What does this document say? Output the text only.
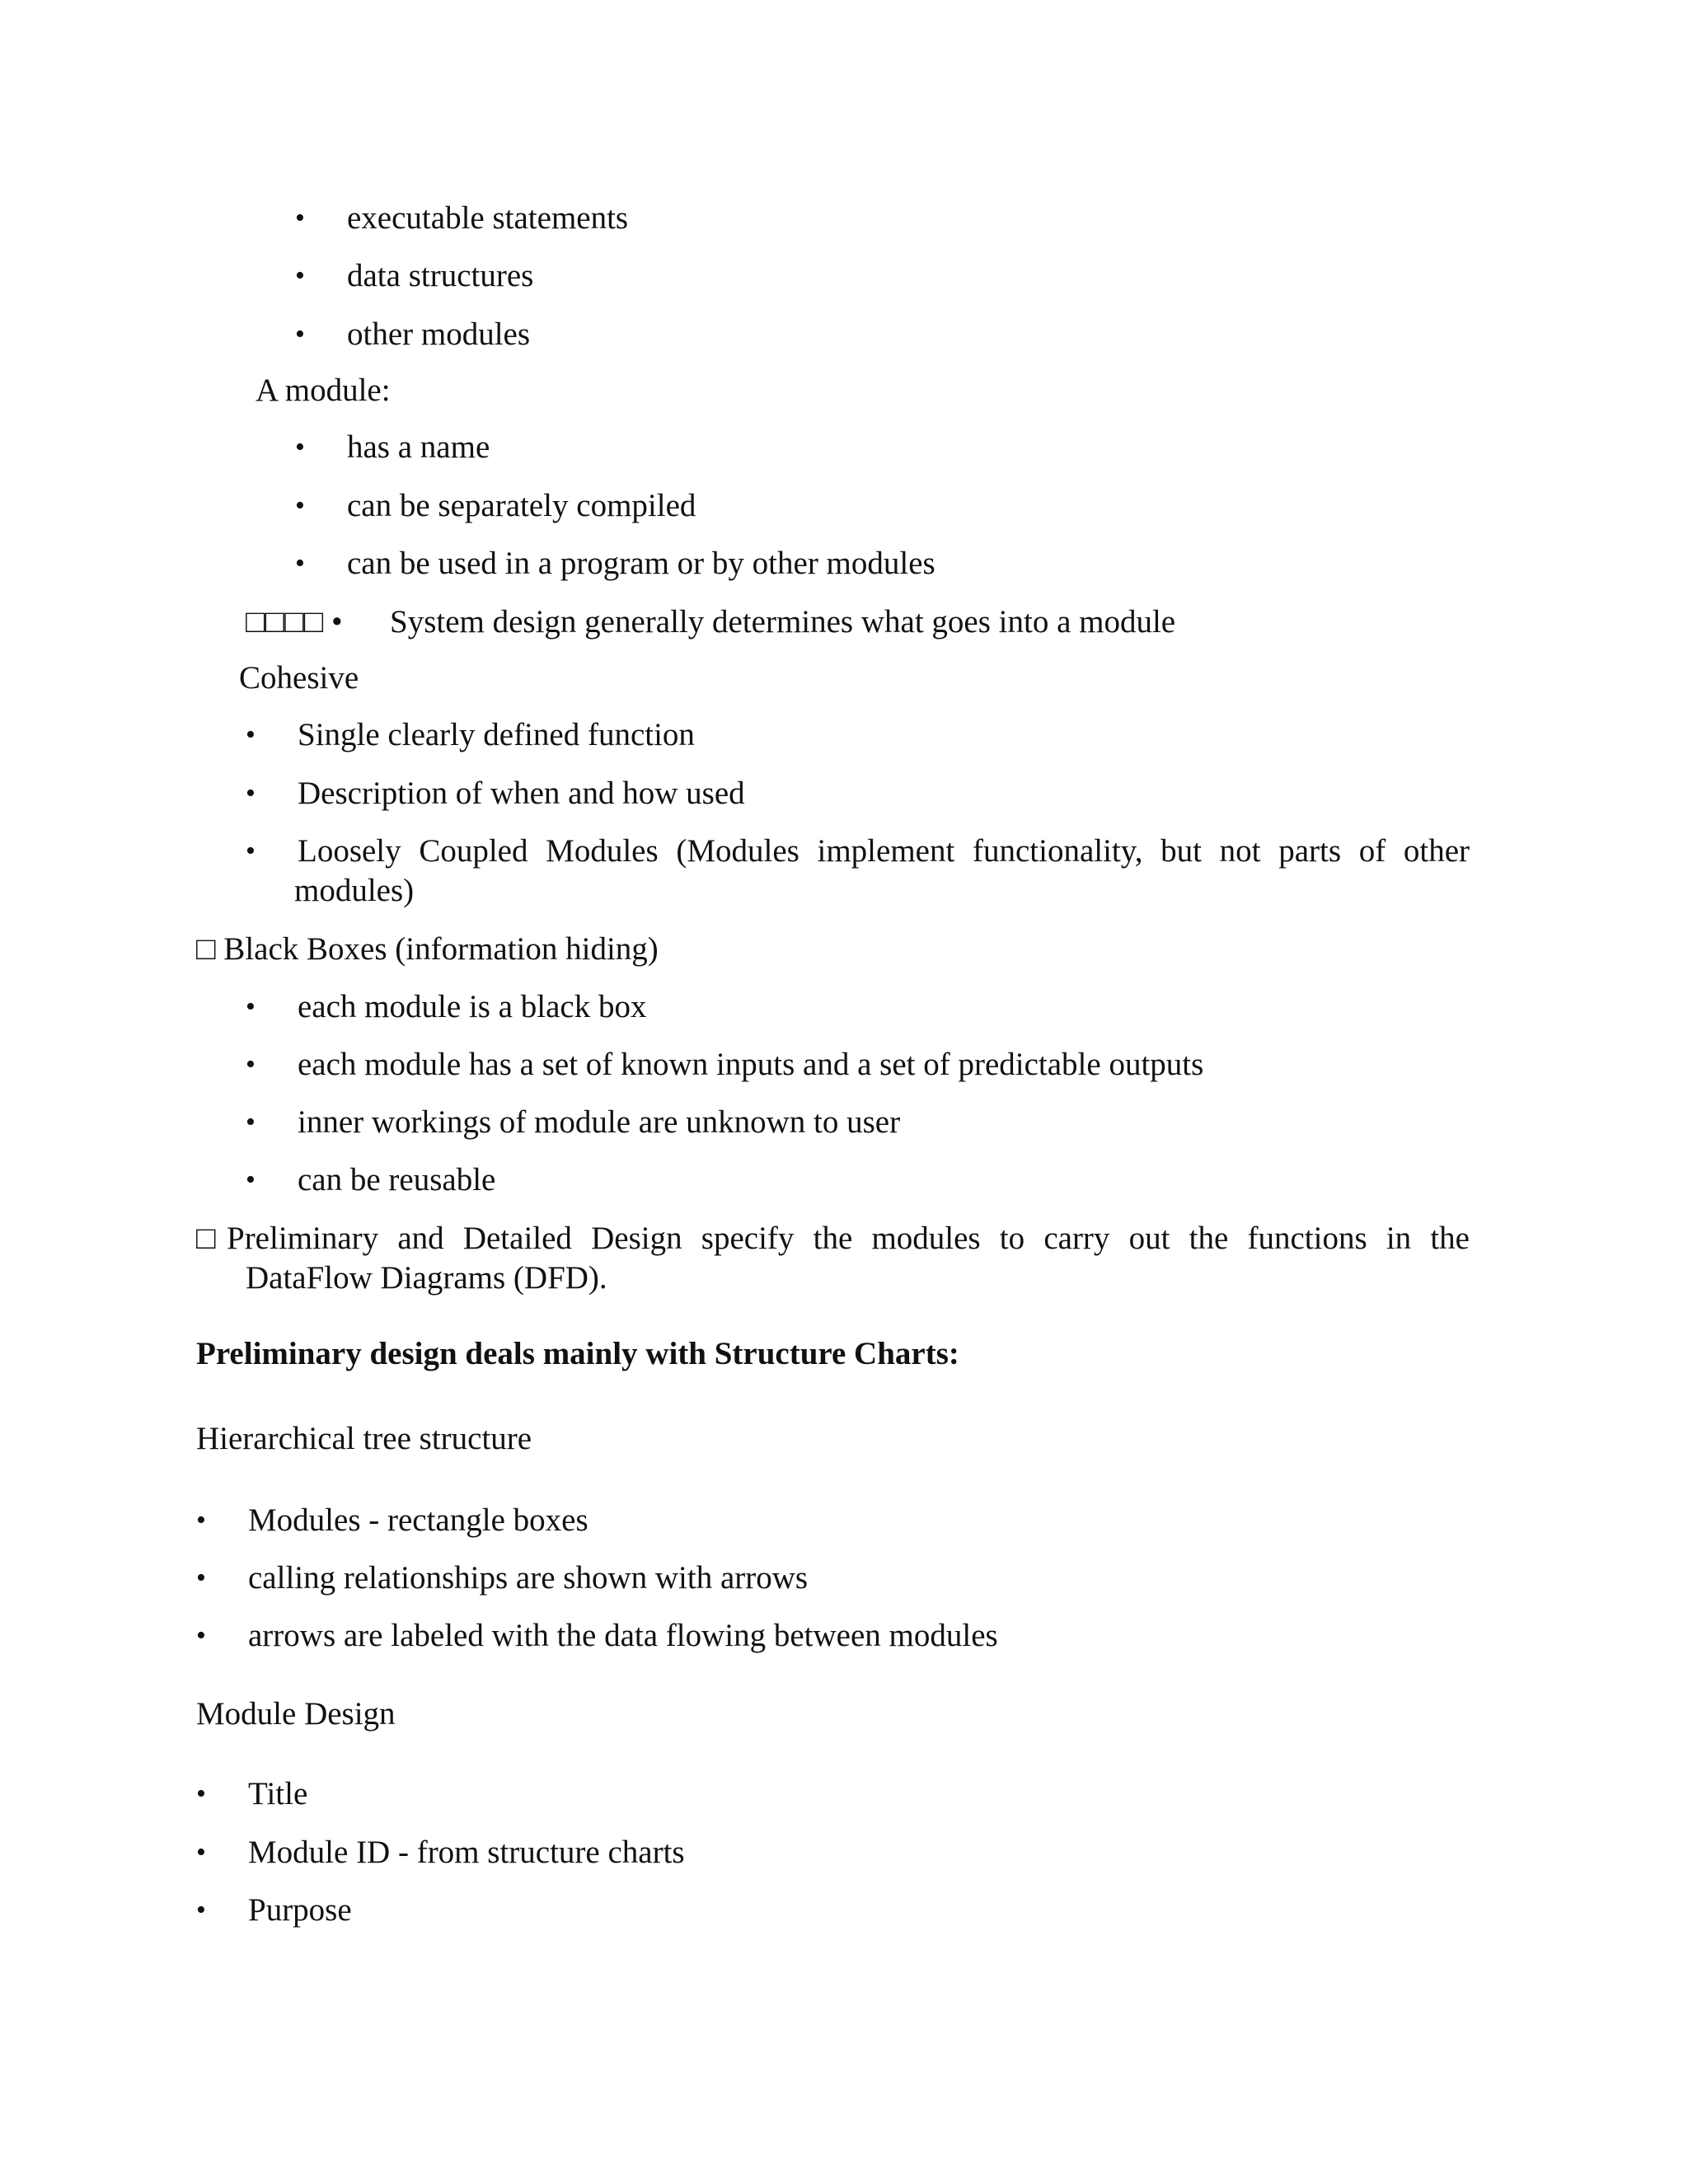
• executable statements
• data structures
• other modules
A module:
• has a name
• can be separately compiled
• can be used in a program or by other modules
□□□□ • System design generally determines what goes into a module
Cohesive
• Single clearly defined function
• Description of when and how used
• Loosely Coupled Modules (Modules implement functionality, but not parts of other
modules)
□ Black Boxes (information hiding)
• each module is a black box
• each module has a set of known inputs and a set of predictable outputs
• inner workings of module are unknown to user
• can be reusable
□Preliminary and Detailed Design specify the modules to carry out the functions in the
DataFlow Diagrams (DFD).
Preliminary design deals mainly with Structure Charts:
Hierarchical tree structure
• Modules - rectangle boxes
• calling relationships are shown with arrows
• arrows are labeled with the data flowing between modules
Module Design
• Title
• Module ID - from structure charts
• Purpose
